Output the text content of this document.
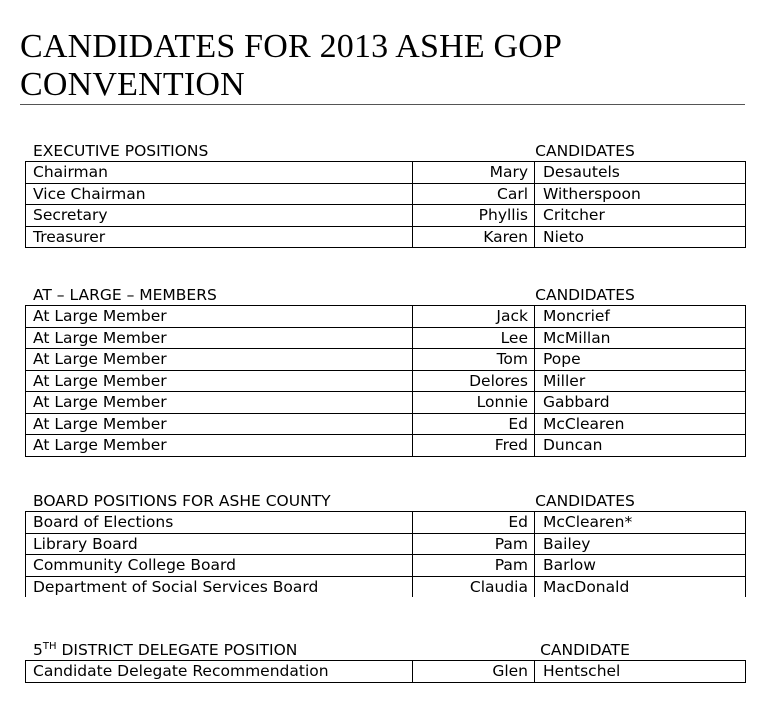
CANDIDATES FOR 2013 ASHE GOP CONVENTION
EXECUTIVE POSITIONS	CANDIDATES
Chairman	Mary	Desautels
Vice Chairman	Carl	Witherspoon
Secretary	Phyllis	Critcher
Treasurer	Karen	Nieto
AT – LARGE – MEMBERS	CANDIDATES
At Large Member	Jack	Moncrief
At Large Member	Lee	McMillan
At Large Member	Tom	Pope
At Large Member	Delores	Miller
At Large Member	Lonnie	Gabbard
At Large Member	Ed	McClearen
At Large Member	Fred	Duncan
BOARD POSITIONS FOR ASHE COUNTY	CANDIDATES
Board of Elections	Ed	McClearen*
Library Board	Pam	Bailey
Community College Board	Pam	Barlow
Department of Social Services Board	Claudia	MacDonald
5TH DISTRICT DELEGATE POSITION	CANDIDATE
Candidate Delegate Recommendation	Glen	Hentschel
